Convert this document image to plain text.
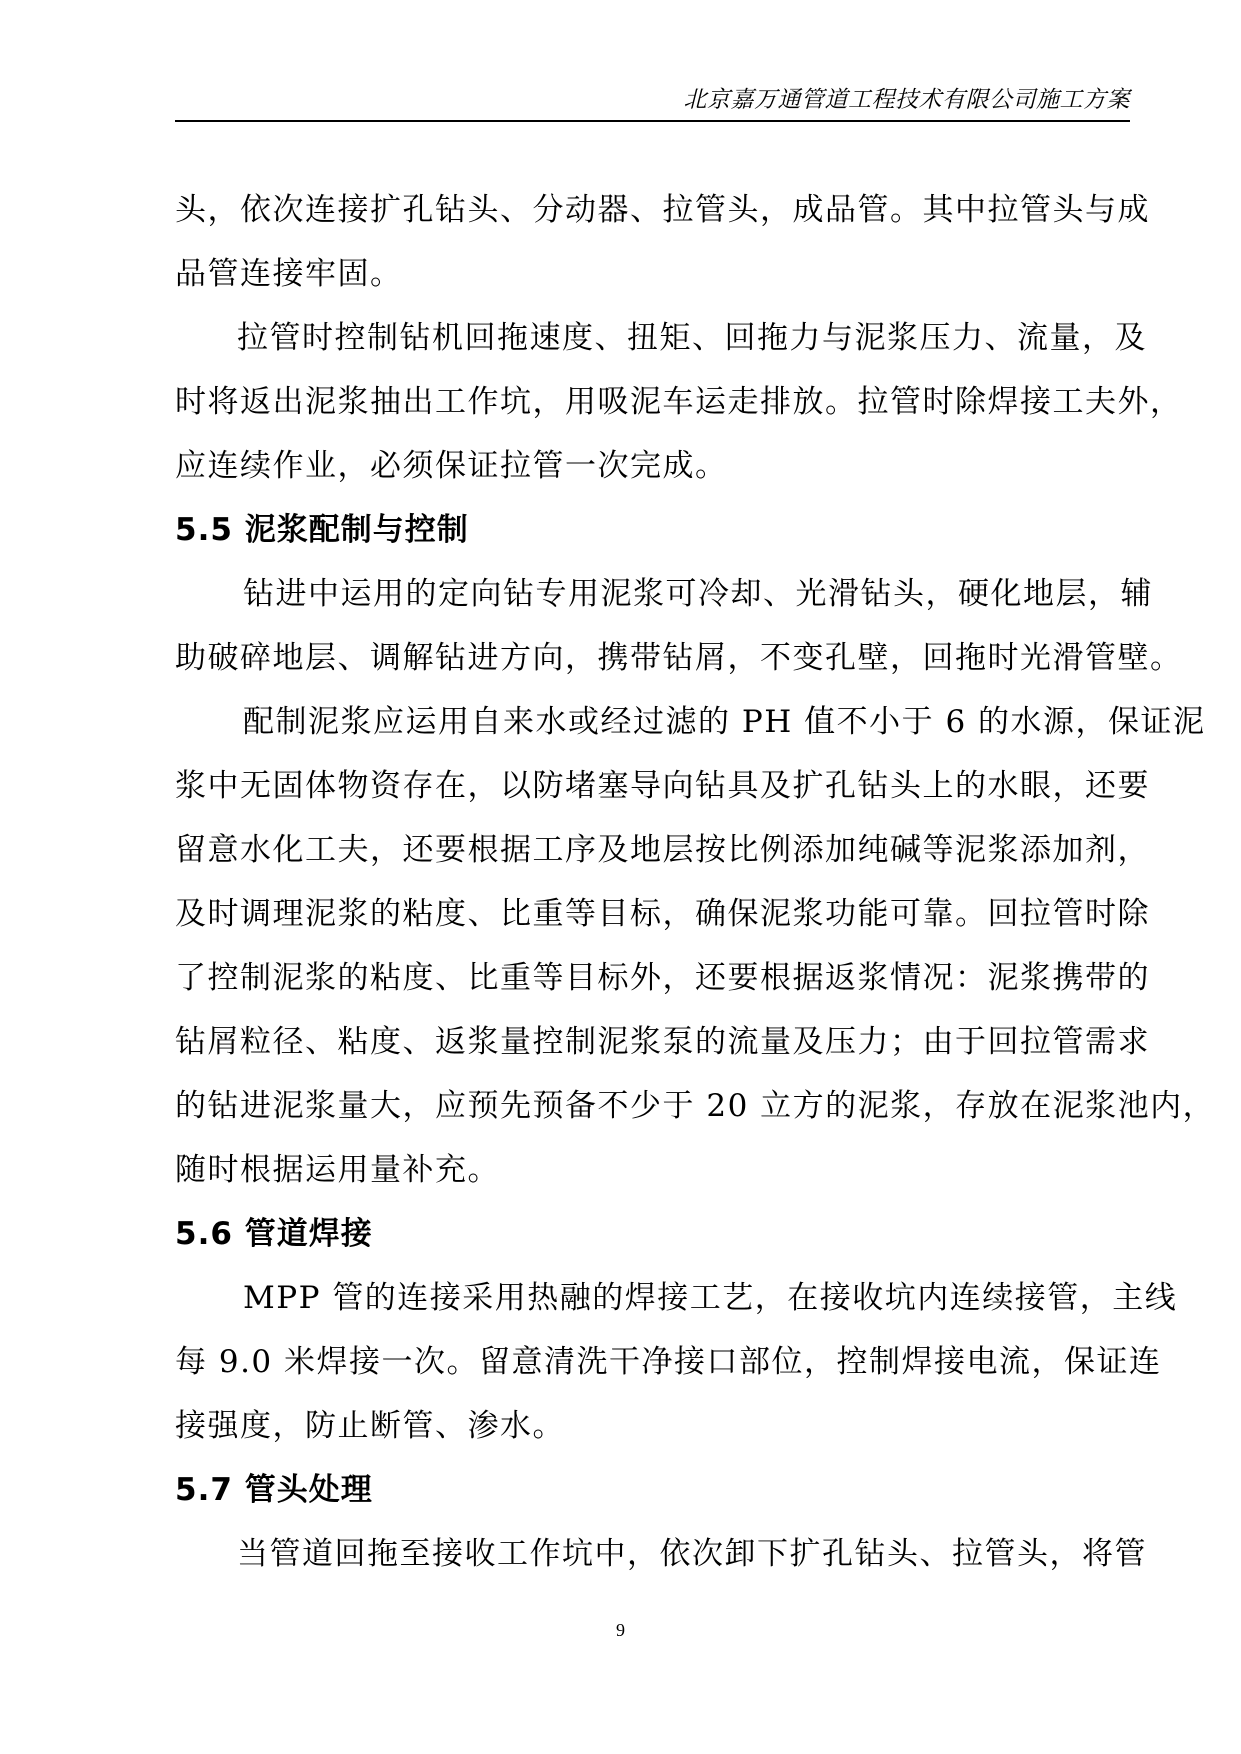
北京嘉万通管道工程技术有限公司施工方案
头，依次连接扩孔钻头、分动器、拉管头，成品管。其中拉管头与成
品管连接牢固。
拉管时控制钻机回拖速度、扭矩、回拖力与泥浆压力、流量，及
时将返出泥浆抽出工作坑，用吸泥车运走排放。拉管时除焊接工夫外，
应连续作业，必须保证拉管一次完成。
5.5 泥浆配制与控制
钻进中运用的定向钻专用泥浆可冷却、光滑钻头，硬化地层，辅
助破碎地层、调解钻进方向，携带钻屑，不变孔壁，回拖时光滑管壁。
配制泥浆应运用自来水或经过滤的 PH 值不小于 6 的水源，保证泥
浆中无固体物资存在，以防堵塞导向钻具及扩孔钻头上的水眼，还要
留意水化工夫，还要根据工序及地层按比例添加纯碱等泥浆添加剂，
及时调理泥浆的粘度、比重等目标，确保泥浆功能可靠。回拉管时除
了控制泥浆的粘度、比重等目标外，还要根据返浆情况：泥浆携带的
钻屑粒径、粘度、返浆量控制泥浆泵的流量及压力；由于回拉管需求
的钻进泥浆量大，应预先预备不少于 20 立方的泥浆，存放在泥浆池内，
随时根据运用量补充。
5.6 管道焊接
MPP 管的连接采用热融的焊接工艺，在接收坑内连续接管，主线
每 9.0 米焊接一次。留意清洗干净接口部位，控制焊接电流，保证连
接强度，防止断管、渗水。
5.7 管头处理
当管道回拖至接收工作坑中，依次卸下扩孔钻头、拉管头，将管
9
